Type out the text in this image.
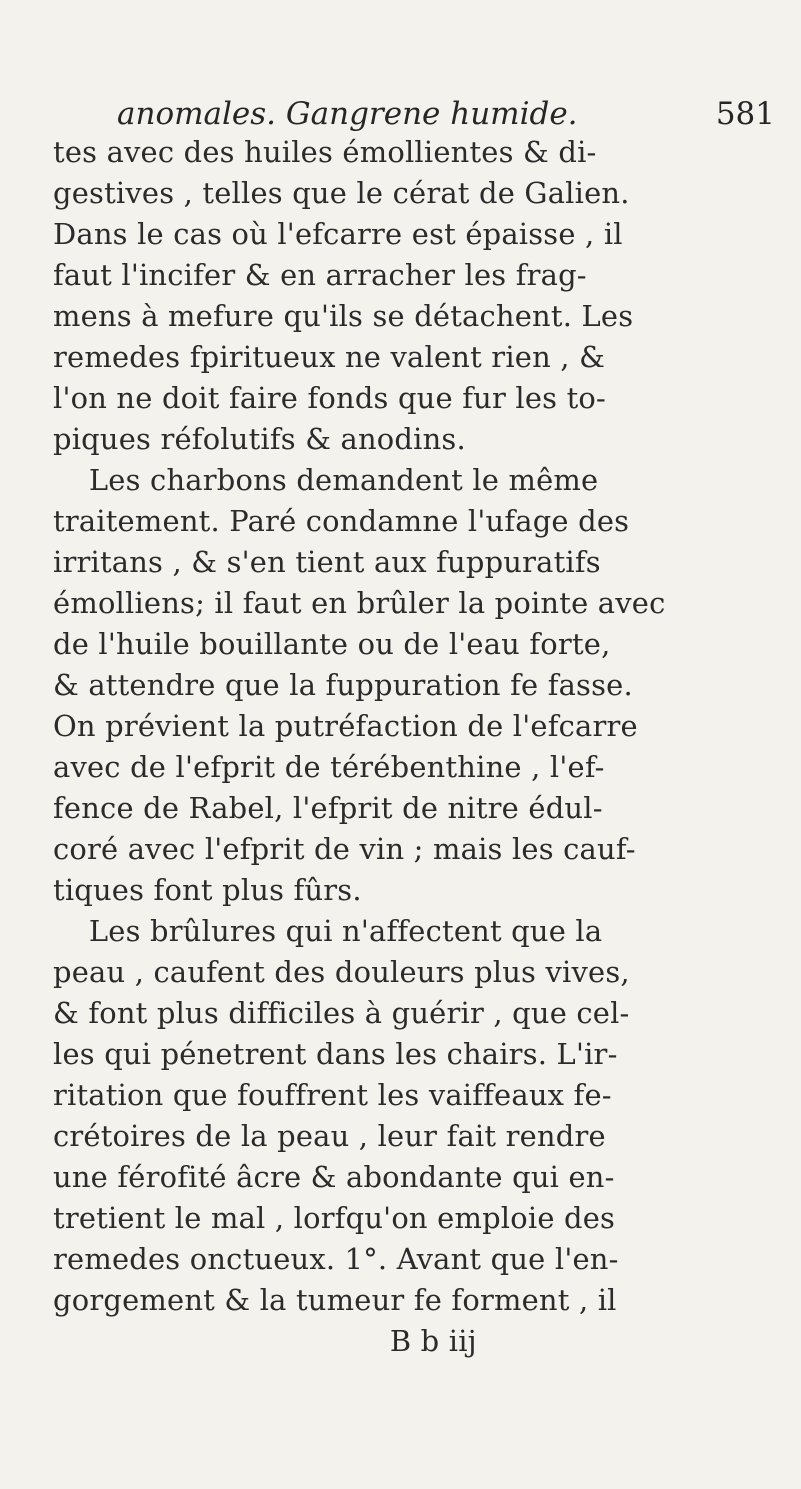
anomales. Gangrene humide.	581
tes avec des huiles émollientes & di-
gestives , telles que le cérat de Galien.
Dans le cas où l'efcarre est épaisse , il
faut l'incifer & en arracher les frag-
mens à mefure qu'ils se détachent. Les
remedes fpiritueux ne valent rien , &
l'on ne doit faire fonds que fur les to-
piques réfolutifs & anodins.
Les charbons demandent le même
traitement. Paré condamne l'ufage des
irritans , & s'en tient aux fuppuratifs
émolliens; il faut en brûler la pointe avec
de l'huile bouillante ou de l'eau forte,
& attendre que la fuppuration fe fasse.
On prévient la putréfaction de l'efcarre
avec de l'efprit de térébenthine , l'ef-
fence de Rabel, l'efprit de nitre édul-
coré avec l'efprit de vin ; mais les cauf-
tiques font plus fûrs.
Les brûlures qui n'affectent que la
peau , caufent des douleurs plus vives,
& font plus difficiles à guérir , que cel-
les qui pénetrent dans les chairs. L'ir-
ritation que fouffrent les vaiffeaux fe-
crétoires de la peau , leur fait rendre
une férofité âcre & abondante qui en-
tretient le mal , lorfqu'on emploie des
remedes onctueux. 1°. Avant que l'en-
gorgement & la tumeur fe forment , il
B b iij
